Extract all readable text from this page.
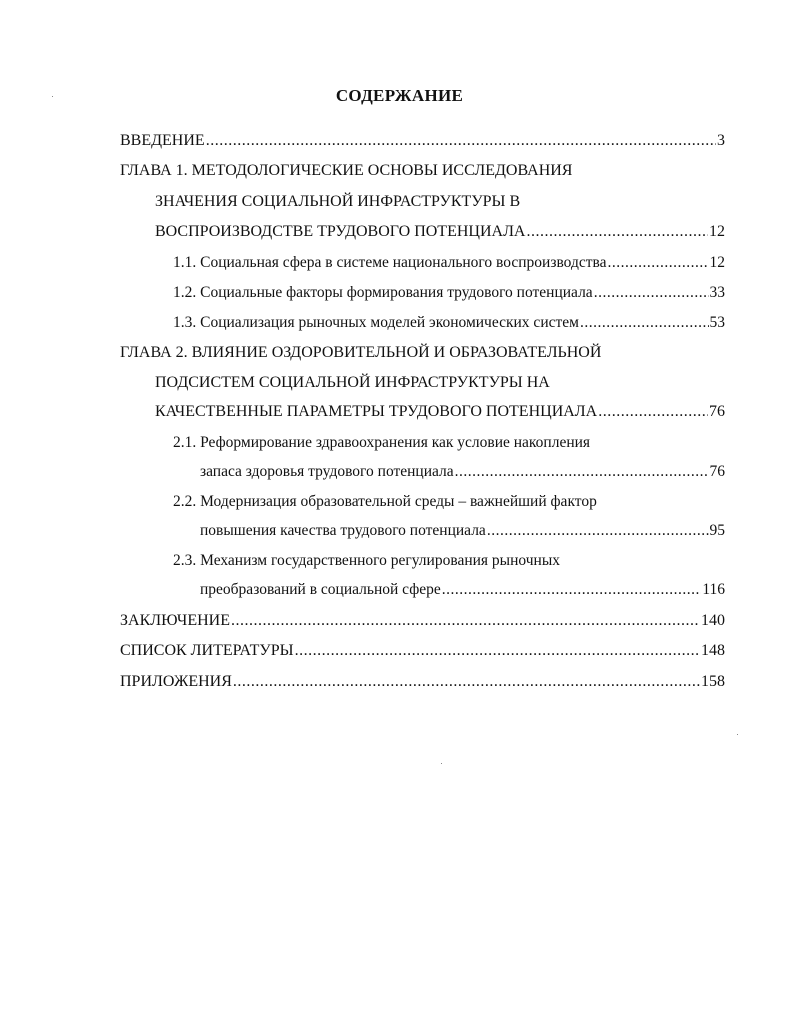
СОДЕРЖАНИЕ
ВВЕДЕНИЕ .....	3
ГЛАВА 1. МЕТОДОЛОГИЧЕСКИЕ ОСНОВЫ ИССЛЕДОВАНИЯ
ЗНАЧЕНИЯ СОЦИАЛЬНОЙ ИНФРАСТРУКТУРЫ В
ВОСПРОИЗВОДСТВЕ ТРУДОВОГО ПОТЕНЦИАЛА .....	12
1.1. Социальная сфера в системе национального воспроизводства .....	12
1.2. Социальные факторы формирования трудового потенциала .....	33
1.3. Социализация рыночных моделей экономических систем .....	53
ГЛАВА 2. ВЛИЯНИЕ ОЗДОРОВИТЕЛЬНОЙ И ОБРАЗОВАТЕЛЬНОЙ
ПОДСИСТЕМ СОЦИАЛЬНОЙ ИНФРАСТРУКТУРЫ НА
КАЧЕСТВЕННЫЕ ПАРАМЕТРЫ ТРУДОВОГО ПОТЕНЦИАЛА .....	76
2.1. Реформирование здравоохранения как условие накопления
запаса здоровья трудового потенциала .....	76
2.2. Модернизация образовательной среды – важнейший фактор
повышения качества трудового потенциала .....	95
2.3. Механизм государственного регулирования рыночных
преобразований в социальной сфере .....	116
ЗАКЛЮЧЕНИЕ .....	140
СПИСОК ЛИТЕРАТУРЫ .....	148
ПРИЛОЖЕНИЯ .....	158
